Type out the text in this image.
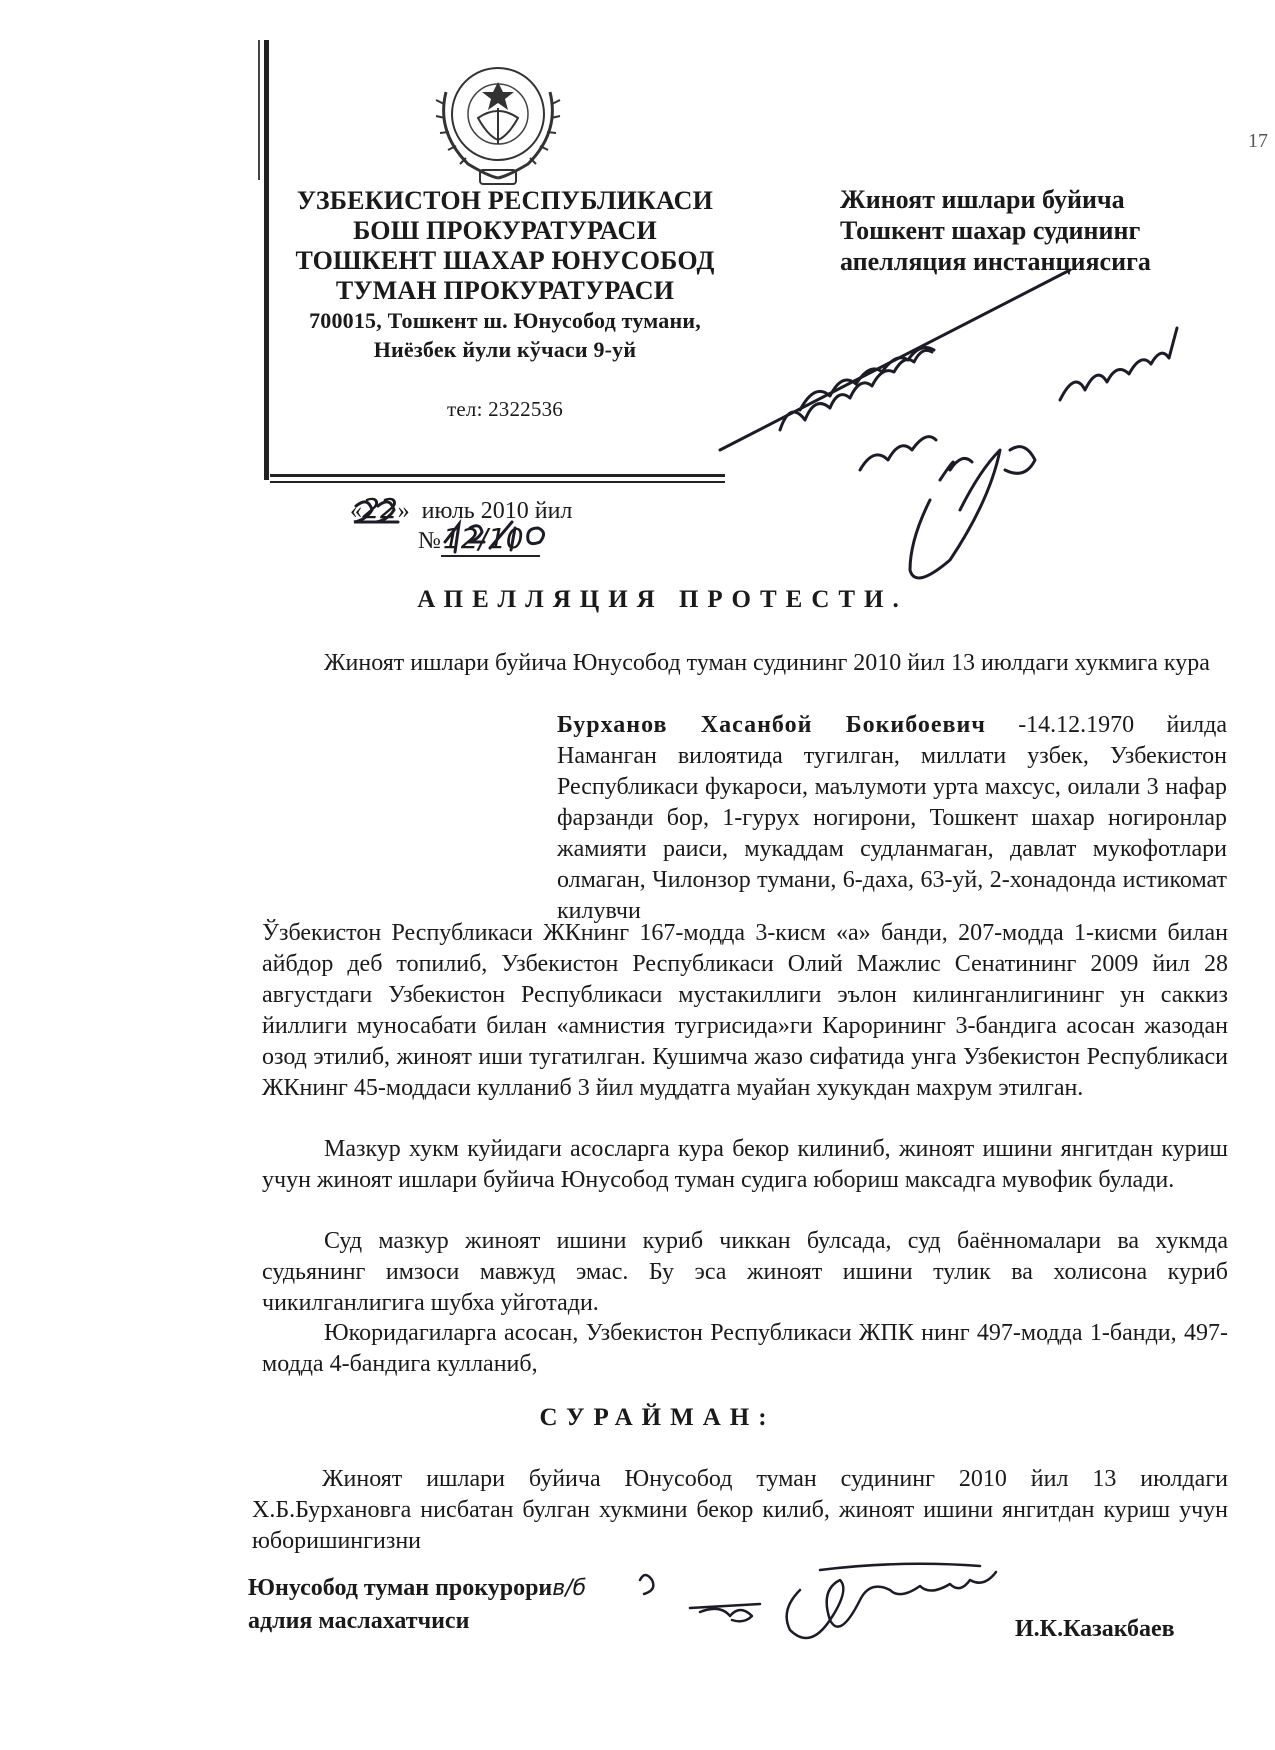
УЗБЕКИСТОН РЕСПУБЛИКАСИ
БОШ ПРОКУРАТУРАСИ
ТОШКЕНТ ШАХАР ЮНУСОБОД
ТУМАН ПРОКУРАТУРАСИ
700015, Тошкент ш. Юнусобод тумани,
Ниёзбек йули кўчаси 9-уй
тел: 2322536
Жиноят ишлари буйича
Тошкент шахар судининг
апелляция инстанциясига
17
«22» июль 2010 йил
№12/10
АПЕЛЛЯЦИЯ ПРОТЕСТИ.
Жиноят ишлари буйича Юнусобод туман судининг 2010 йил 13 июлдаги хукмига кура
Бурханов Хасанбой Бокибоевич -14.12.1970 йилда Наманган вилоятида тугилган, миллати узбек, Узбекистон Республикаси фукароси, маълумоти урта махсус, оилали 3 нафар фарзанди бор, 1-гурух ногирони, Тошкент шахар ногиронлар жамияти раиси, мукаддам судланмаган, давлат мукофотлари олмаган, Чилонзор тумани, 6-даха, 63-уй, 2-хонадонда истикомат килувчи
Ўзбекистон Республикаси ЖКнинг 167-модда 3-кисм «а» банди, 207-модда 1-кисми билан айбдор деб топилиб, Узбекистон Республикаси Олий Мажлис Сенатининг 2009 йил 28 августдаги Узбекистон Республикаси мустакиллиги эълон килинганлигининг ун саккиз йиллиги муносабати билан «амнистия тугрисида»ги Карорининг 3-бандига асосан жазодан озод этилиб, жиноят иши тугатилган. Кушимча жазо сифатида унга Узбекистон Республикаси ЖКнинг 45-моддаси кулланиб 3 йил муддатга муайан хукукдан махрум этилган.
Мазкур хукм куйидаги асосларга кура бекор килиниб, жиноят ишини янгитдан куриш учун жиноят ишлари буйича Юнусобод туман судига юбориш максадга мувофик булади.
Суд мазкур жиноят ишини куриб чиккан булсада, суд баённомалари ва хукмда судьянинг имзоси мавжуд эмас. Бу эса жиноят ишини тулик ва холисона куриб чикилганлигига шубха уйготади.
Юкоридагиларга асосан, Узбекистон Республикаси ЖПК нинг 497-модда 1-банди, 497-модда 4-бандига кулланиб,
СУРАЙМАН:
Жиноят ишлари буйича Юнусобод туман судининг 2010 йил 13 июлдаги Х.Б.Бурхановга нисбатан булган хукмини бекор килиб, жиноят ишини янгитдан куриш учун юборишингизни
Юнусобод туман прокурорив/б
адлия маслахатчиси	И.К.Казакбаев
